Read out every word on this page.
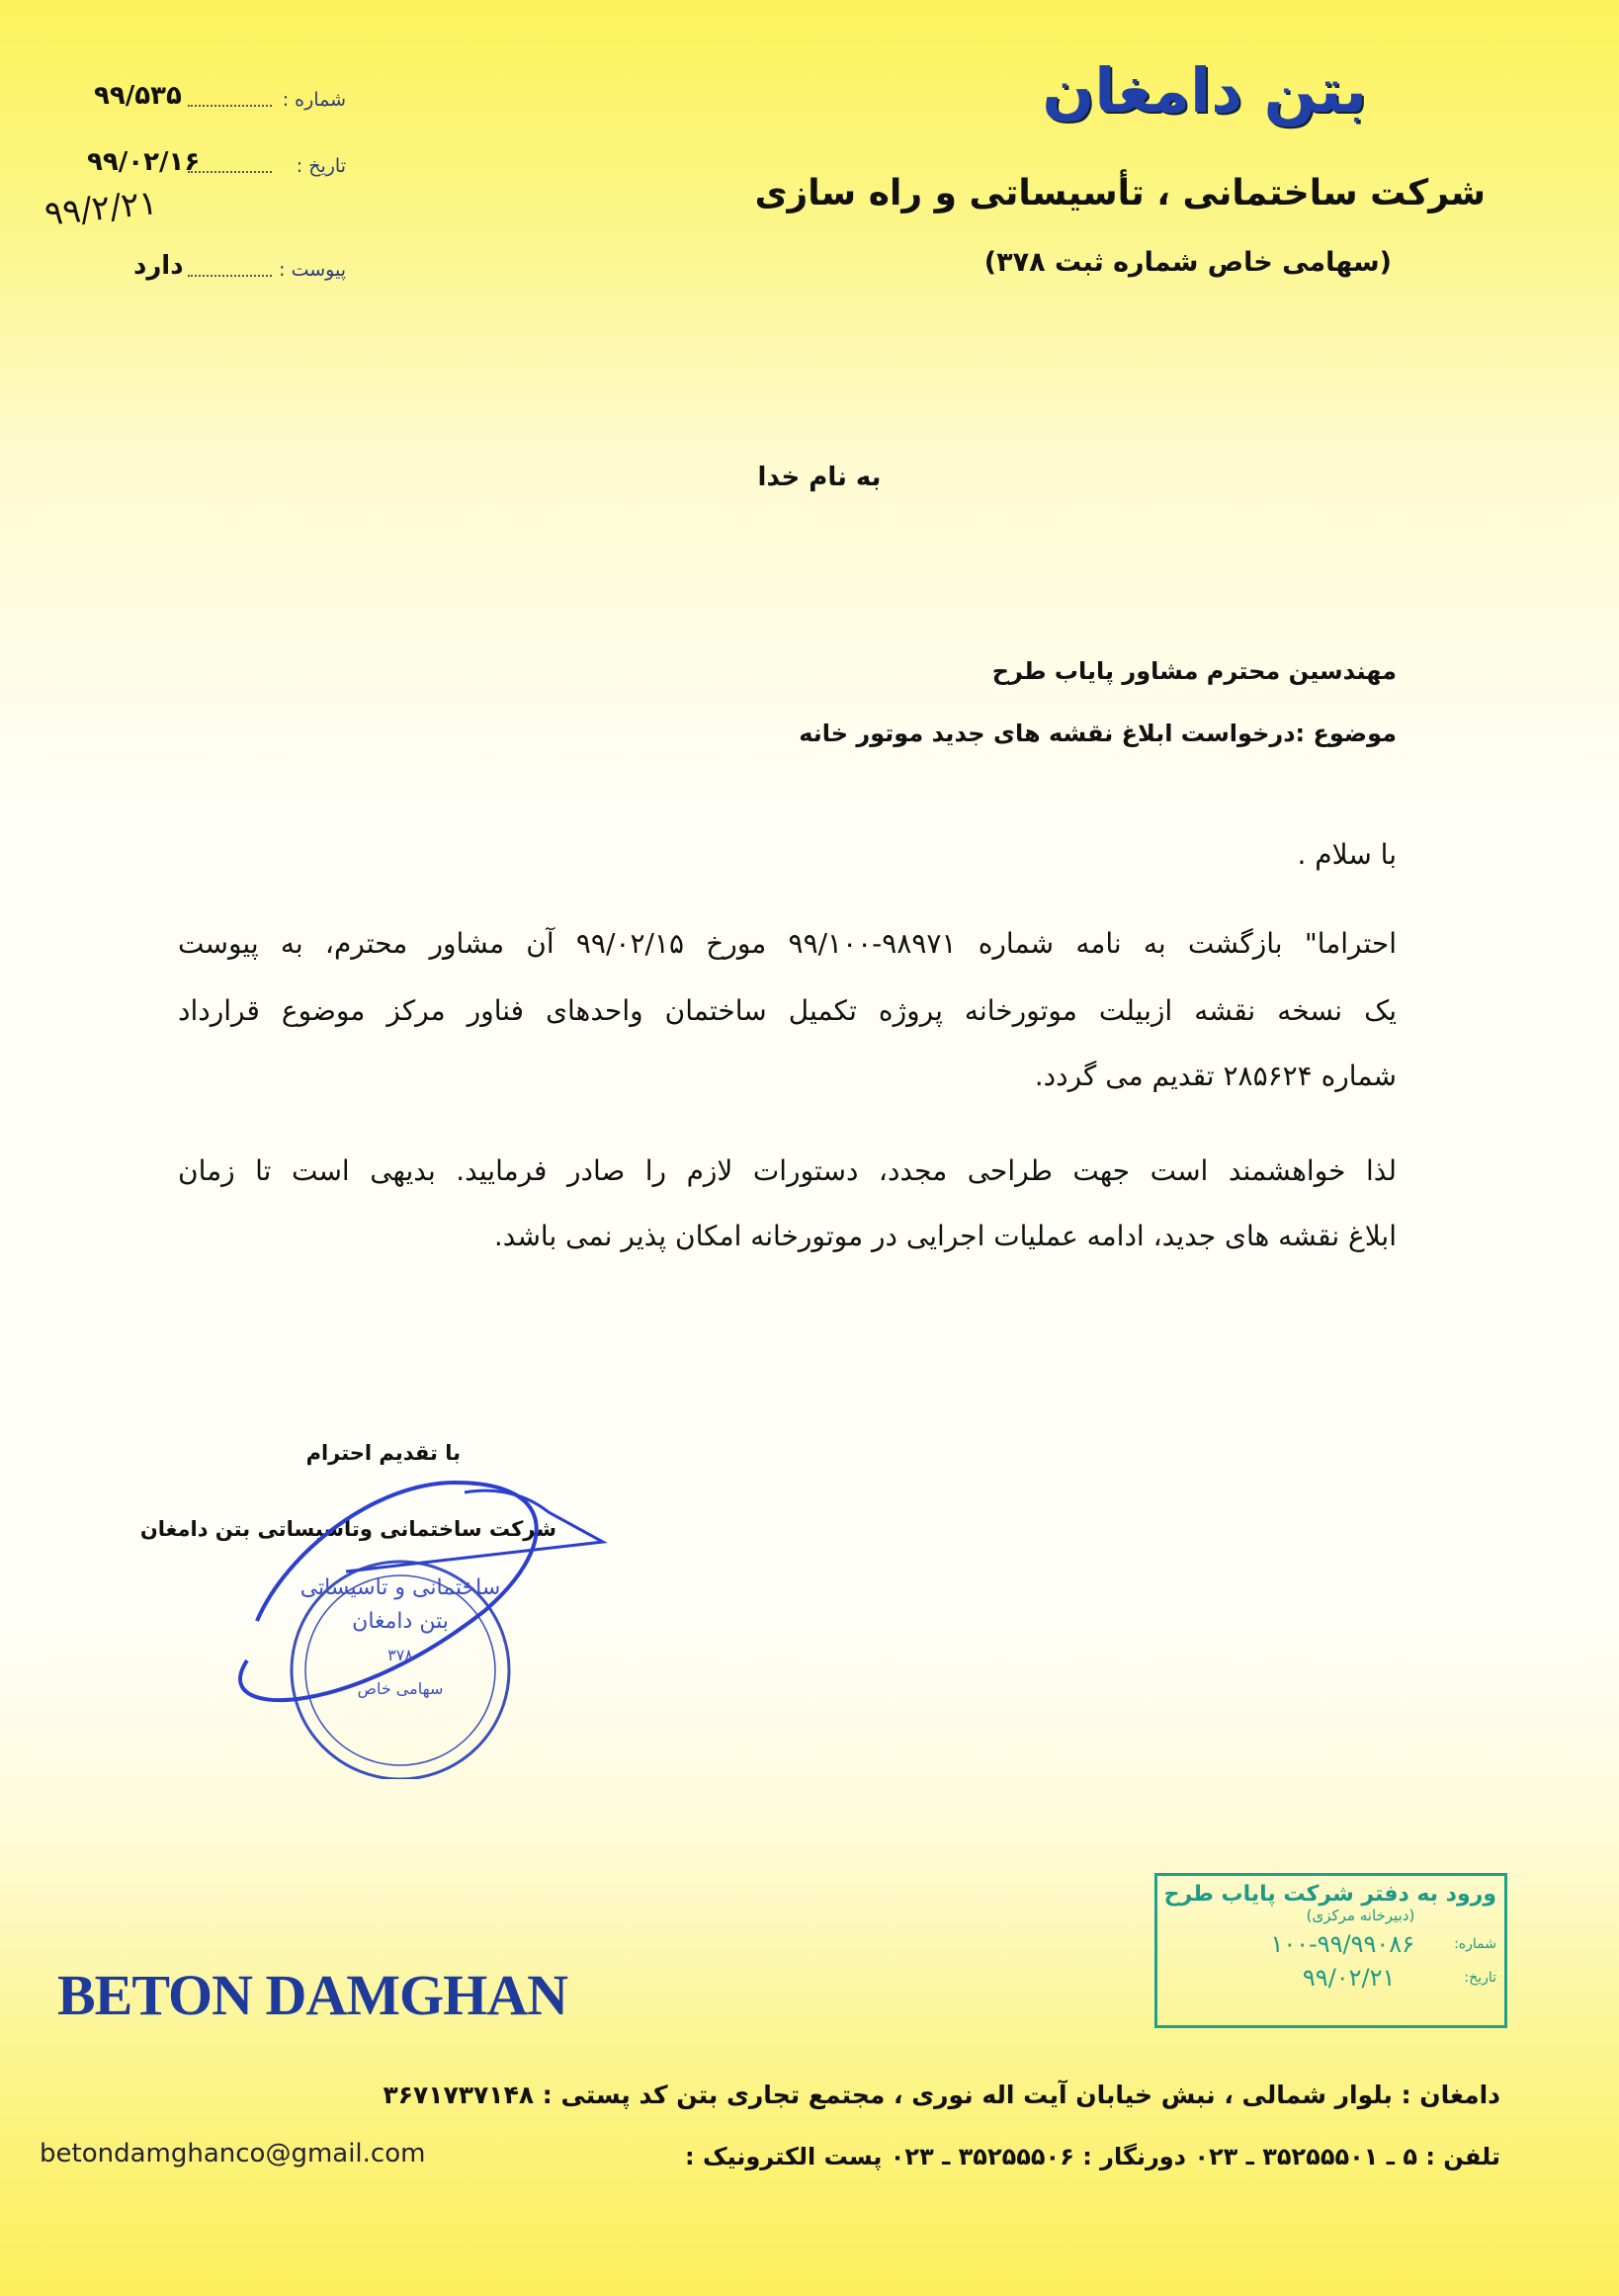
بتن دامغان
شرکت ساختمانی ، تأسیساتی و راه سازی
(سهامی خاص شماره ثبت ۳۷۸)
شماره :
۹۹/۵۳۵
تاریخ :
۹۹/۰۲/۱۶
۹۹/۲/۲۱
پیوست :
دارد
به نام خدا
مهندسین محترم مشاور پایاب طرح
موضوع :درخواست ابلاغ نقشه های جدید موتور خانه
با سلام .
احتراما" بازگشت به نامه شماره ۹۸۹۷۱-۹۹/۱۰۰ مورخ ۹۹/۰۲/۱۵ آن مشاور محترم، به پیوست
یک نسخه نقشه ازبیلت موتورخانه پروژه تکمیل ساختمان واحدهای فناور مرکز موضوع قرارداد
شماره ۲۸۵۶۲۴ تقدیم می گردد.
لذا خواهشمند است جهت طراحی مجدد، دستورات لازم را صادر فرمایید. بدیهی است تا زمان
ابلاغ نقشه های جدید، ادامه عملیات اجرایی در موتورخانه امکان پذیر نمی باشد.
با تقدیم احترام
شرکت ساختمانی وتاسیساتی بتن دامغان
ساختمانی و تاسیساتی
بتن دامغان
۳۷۸
سهامی خاص
BETON DAMGHAN
ورود به دفتر شرکت پایاب طرح
(دبیرخانه مرکزی)
شماره:
۱۰۰-۹۹/۹۹۰۸۶
تاریخ:
۹۹/۰۲/۲۱
دامغان : بلوار شمالی ، نبش خیابان آیت اله نوری ، مجتمع تجاری بتن کد پستی : ۳۶۷۱۷۳۷۱۴۸
تلفن : ۵ ـ ۳۵۲۵۵۵۰۱ ـ ۰۲۳ دورنگار : ۳۵۲۵۵۵۰۶ ـ ۰۲۳ پست الکترونیک :
betondamghanco@gmail.com
